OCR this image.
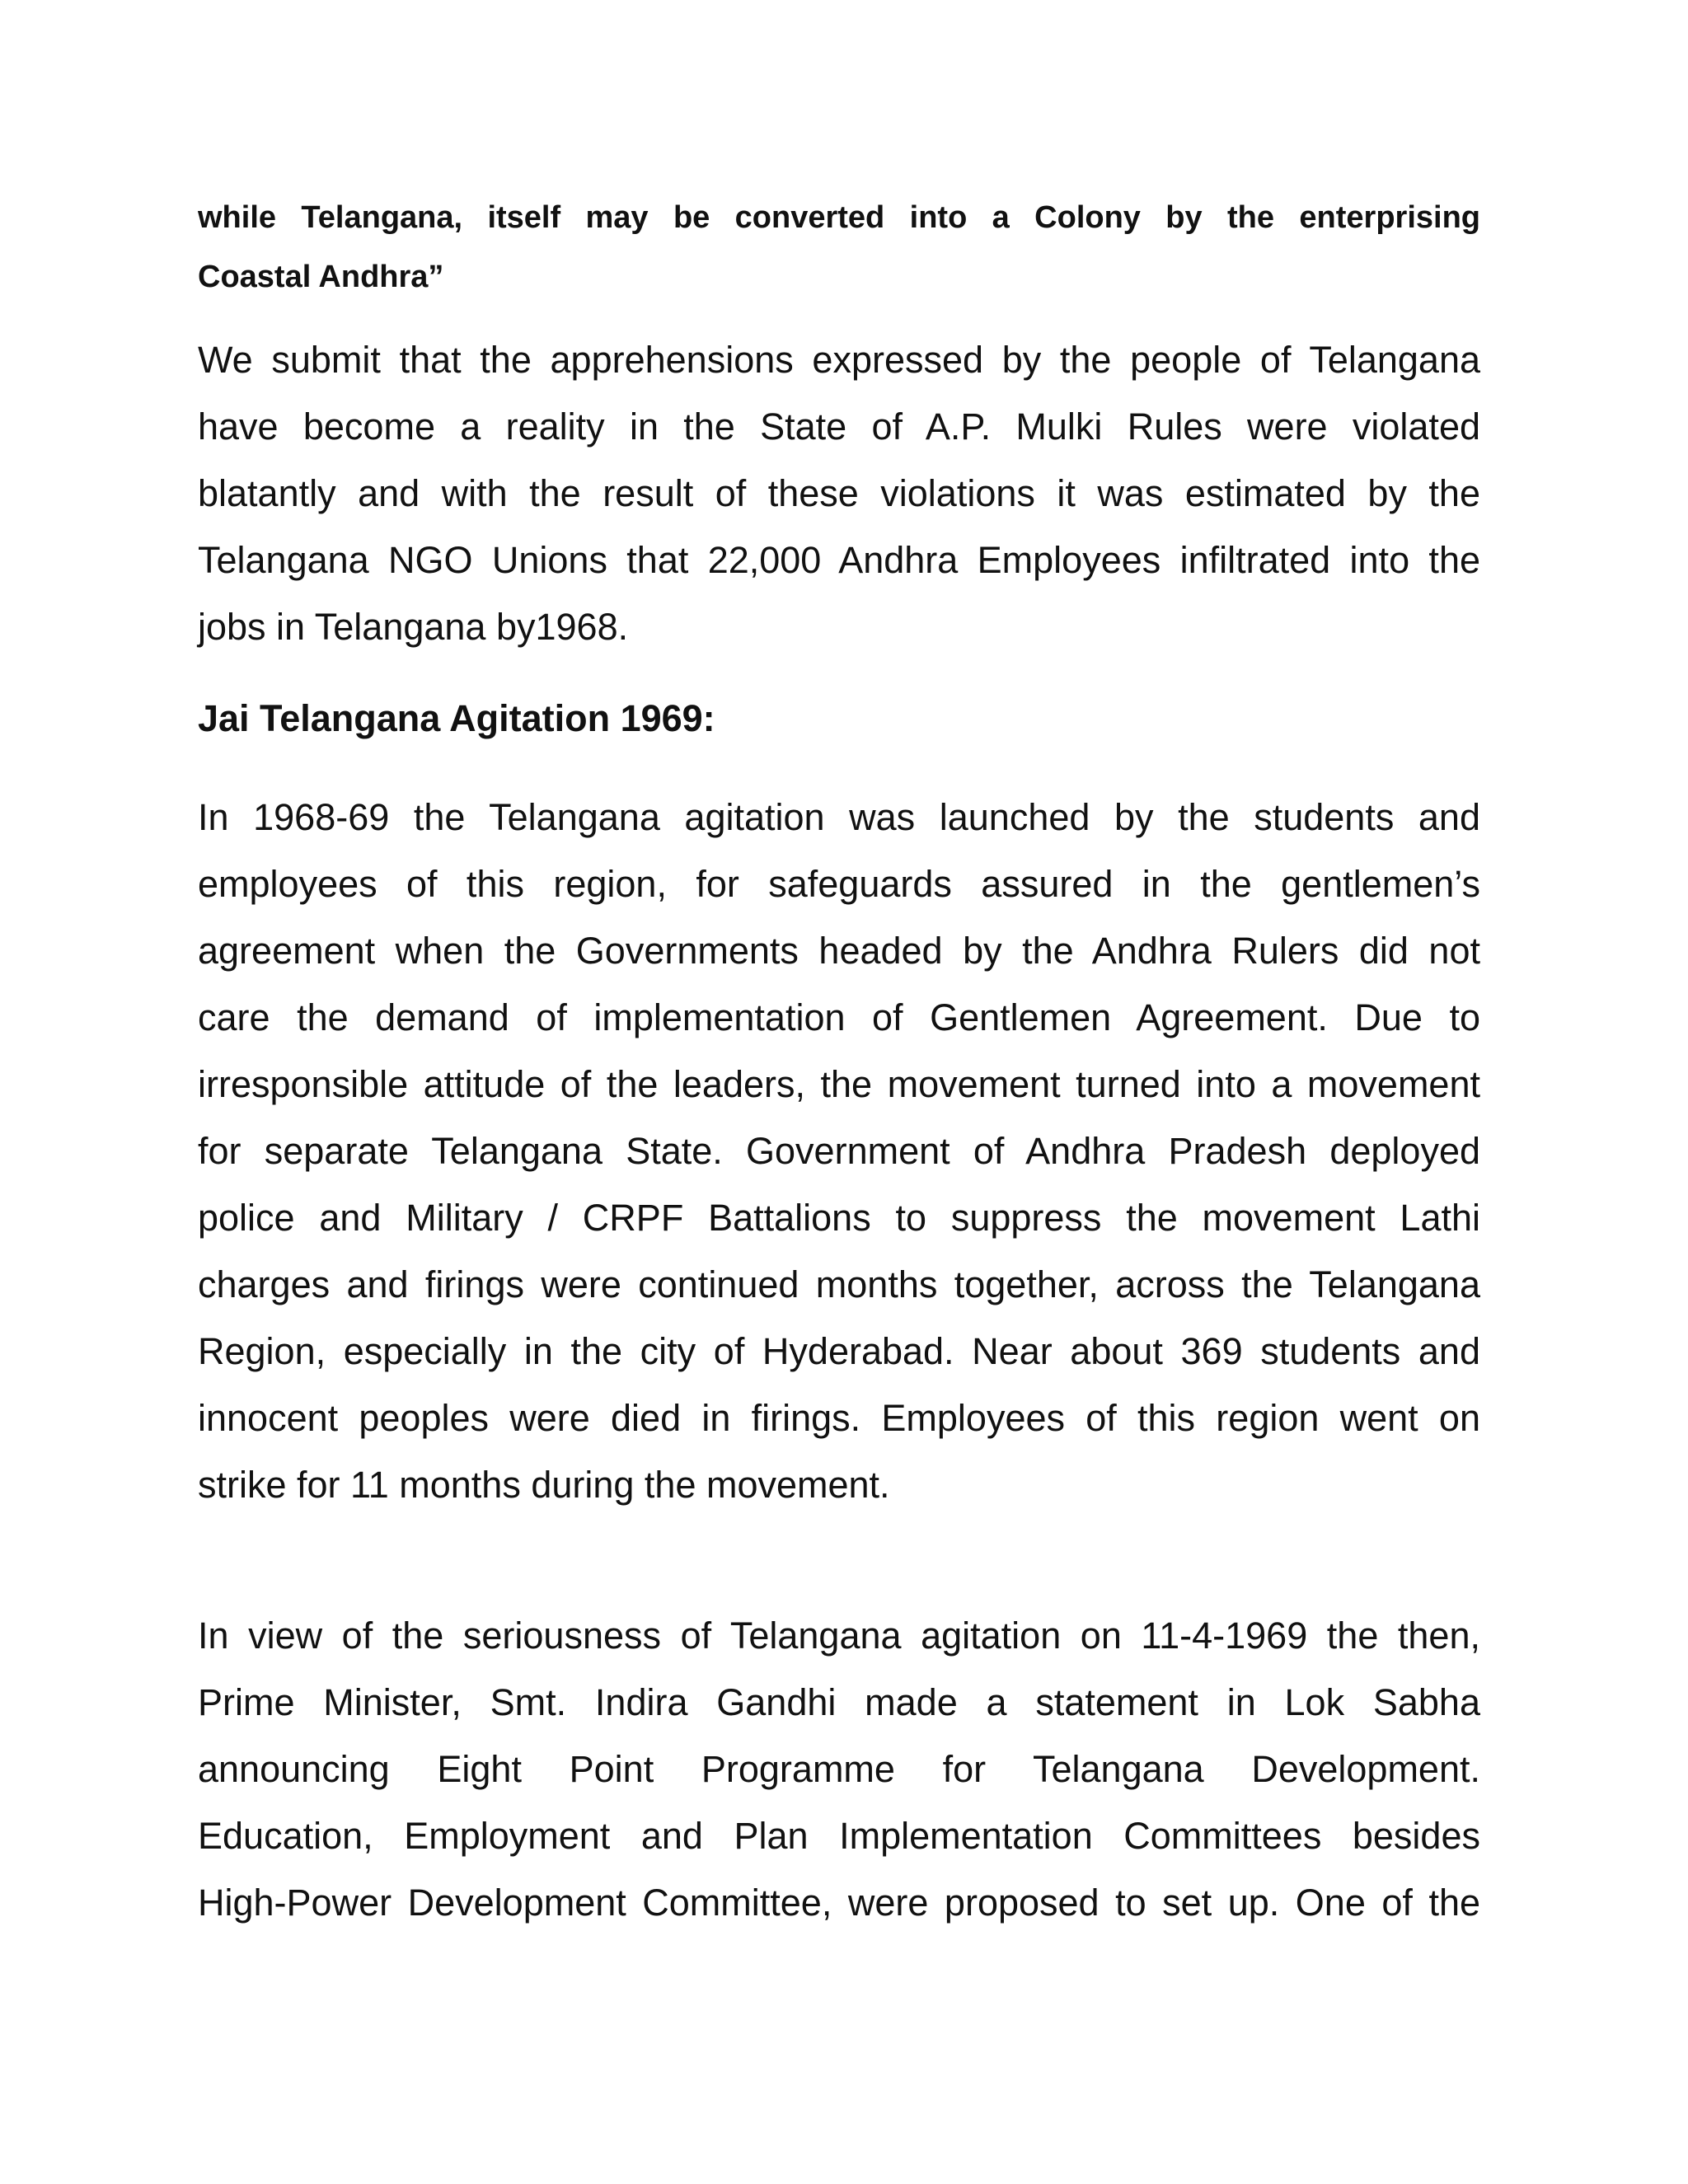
while Telangana, itself may be converted into a Colony by the enterprising

Coastal Andhra”

We submit that the apprehensions expressed by the people of Telangana

have become a reality in the State of A.P. Mulki Rules were violated

blatantly and with the result of these violations it was estimated by the

Telangana NGO Unions that 22,000 Andhra Employees infiltrated into the

jobs in Telangana by1968.

Jai Telangana Agitation 1969:

In 1968-69 the Telangana agitation was launched by the students and

employees of this region, for safeguards assured in the gentlemen’s

agreement when the Governments headed by the Andhra Rulers did not

care the demand of implementation of Gentlemen Agreement. Due to

irresponsible attitude of the leaders, the movement turned into a movement

for separate Telangana State. Government of Andhra Pradesh deployed

police and Military / CRPF Battalions to suppress the movement Lathi

charges and firings were continued months together, across the Telangana

Region, especially in the city of Hyderabad. Near about 369 students and

innocent peoples were died in firings. Employees of this region went on

strike for 11 months during the movement.

In view of the seriousness of Telangana agitation on 11-4-1969 the then,

Prime Minister, Smt. Indira Gandhi made a statement in Lok Sabha

announcing Eight Point Programme for Telangana Development.

Education, Employment and Plan Implementation Committees besides

High-Power Development Committee, were proposed to set up. One of the
